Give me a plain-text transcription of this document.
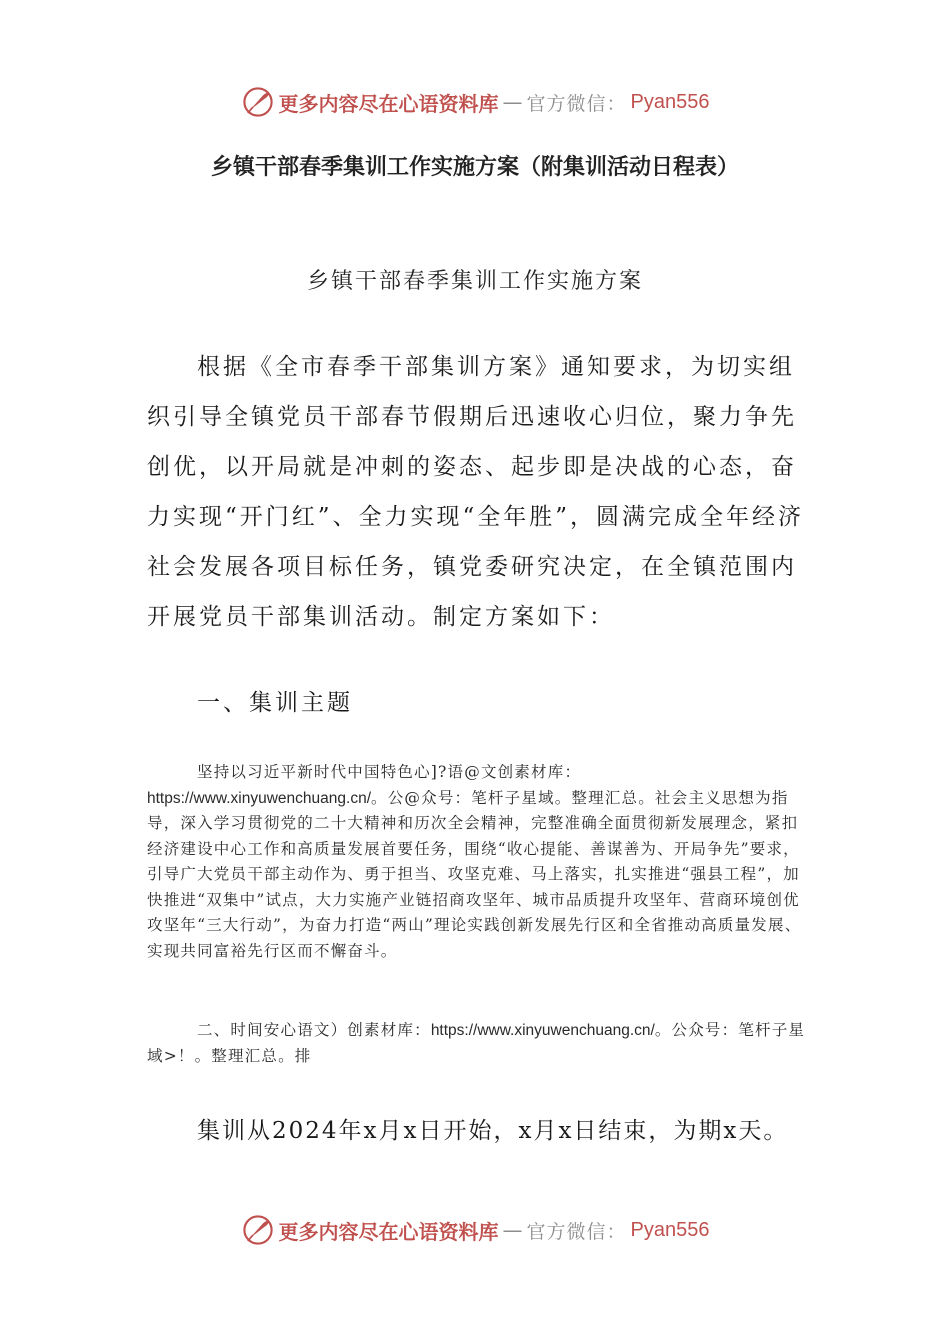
更多内容尽在心语资料库 — 官方微信： Pyan556
乡镇干部春季集训工作实施方案（附集训活动日程表）
乡镇干部春季集训工作实施方案

根据《全市春季干部集训方案》通知要求，为切实组织引导全镇党员干部春节假期后迅速收心归位，聚力争先创优，以开局就是冲刺的姿态、起步即是决战的心态，奋力实现“开门红”、全力实现“全年胜”，圆满完成全年经济社会发展各项目标任务，镇党委研究决定，在全镇范围内开展党员干部集训活动。制定方案如下：

一、集训主题

坚持以习近平新时代中国特色心]?语@文创素材库：https://www.xinyuwenchuang.cn/。公@众号：笔杆子星域。整理汇总。社会主义思想为指导，深入学习贯彻党的二十大精神和历次全会精神，完整准确全面贯彻新发展理念，紧扣经济建设中心工作和高质量发展首要任务，围绕“收心提能、善谋善为、开局争先”要求，引导广大党员干部主动作为、勇于担当、攻坚克难、马上落实，扎实推进“强县工程”，加快推进“双集中”试点，大力实施产业链招商攻坚年、城市品质提升攻坚年、营商环境创优攻坚年“三大行动”，为奋力打造“两山”理论实践创新发展先行区和全省推动高质量发展、实现共同富裕先行区而不懈奋斗。

二、时间安心语文）创素材库：https://www.xinyuwenchuang.cn/。公众号：笔杆子星域>！。整理汇总。排

集训从2024年x月x日开始，x月x日结束，为期x天。
更多内容尽在心语资料库 — 官方微信： Pyan556
